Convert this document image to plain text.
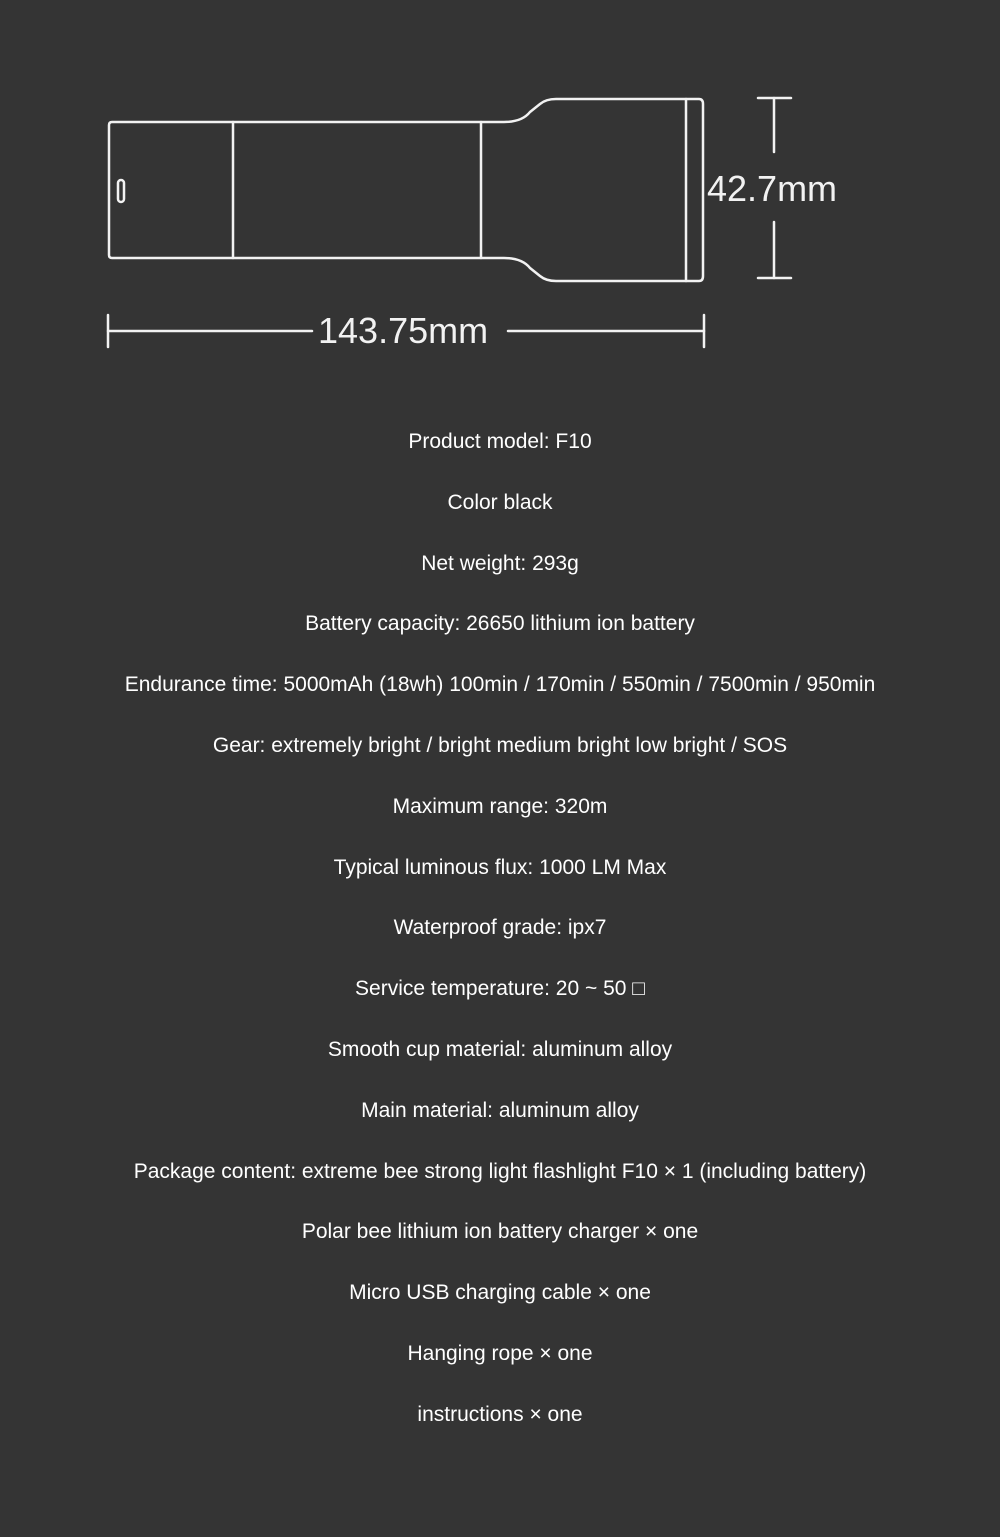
42.7mm
143.75mm
Product model: F10
Color black
Net weight: 293g
Battery capacity: 26650 lithium ion battery
Endurance time: 5000mAh (18wh) 100min / 170min / 550min / 7500min / 950min
Gear: extremely bright / bright medium bright low bright / SOS
Maximum range: 320m
Typical luminous flux: 1000 LM Max
Waterproof grade: ipx7
Service temperature: 20 ~ 50 □
Smooth cup material: aluminum alloy
Main material: aluminum alloy
Package content: extreme bee strong light flashlight F10 × 1 (including battery)
Polar bee lithium ion battery charger × one
Micro USB charging cable × one
Hanging rope × one
instructions × one
